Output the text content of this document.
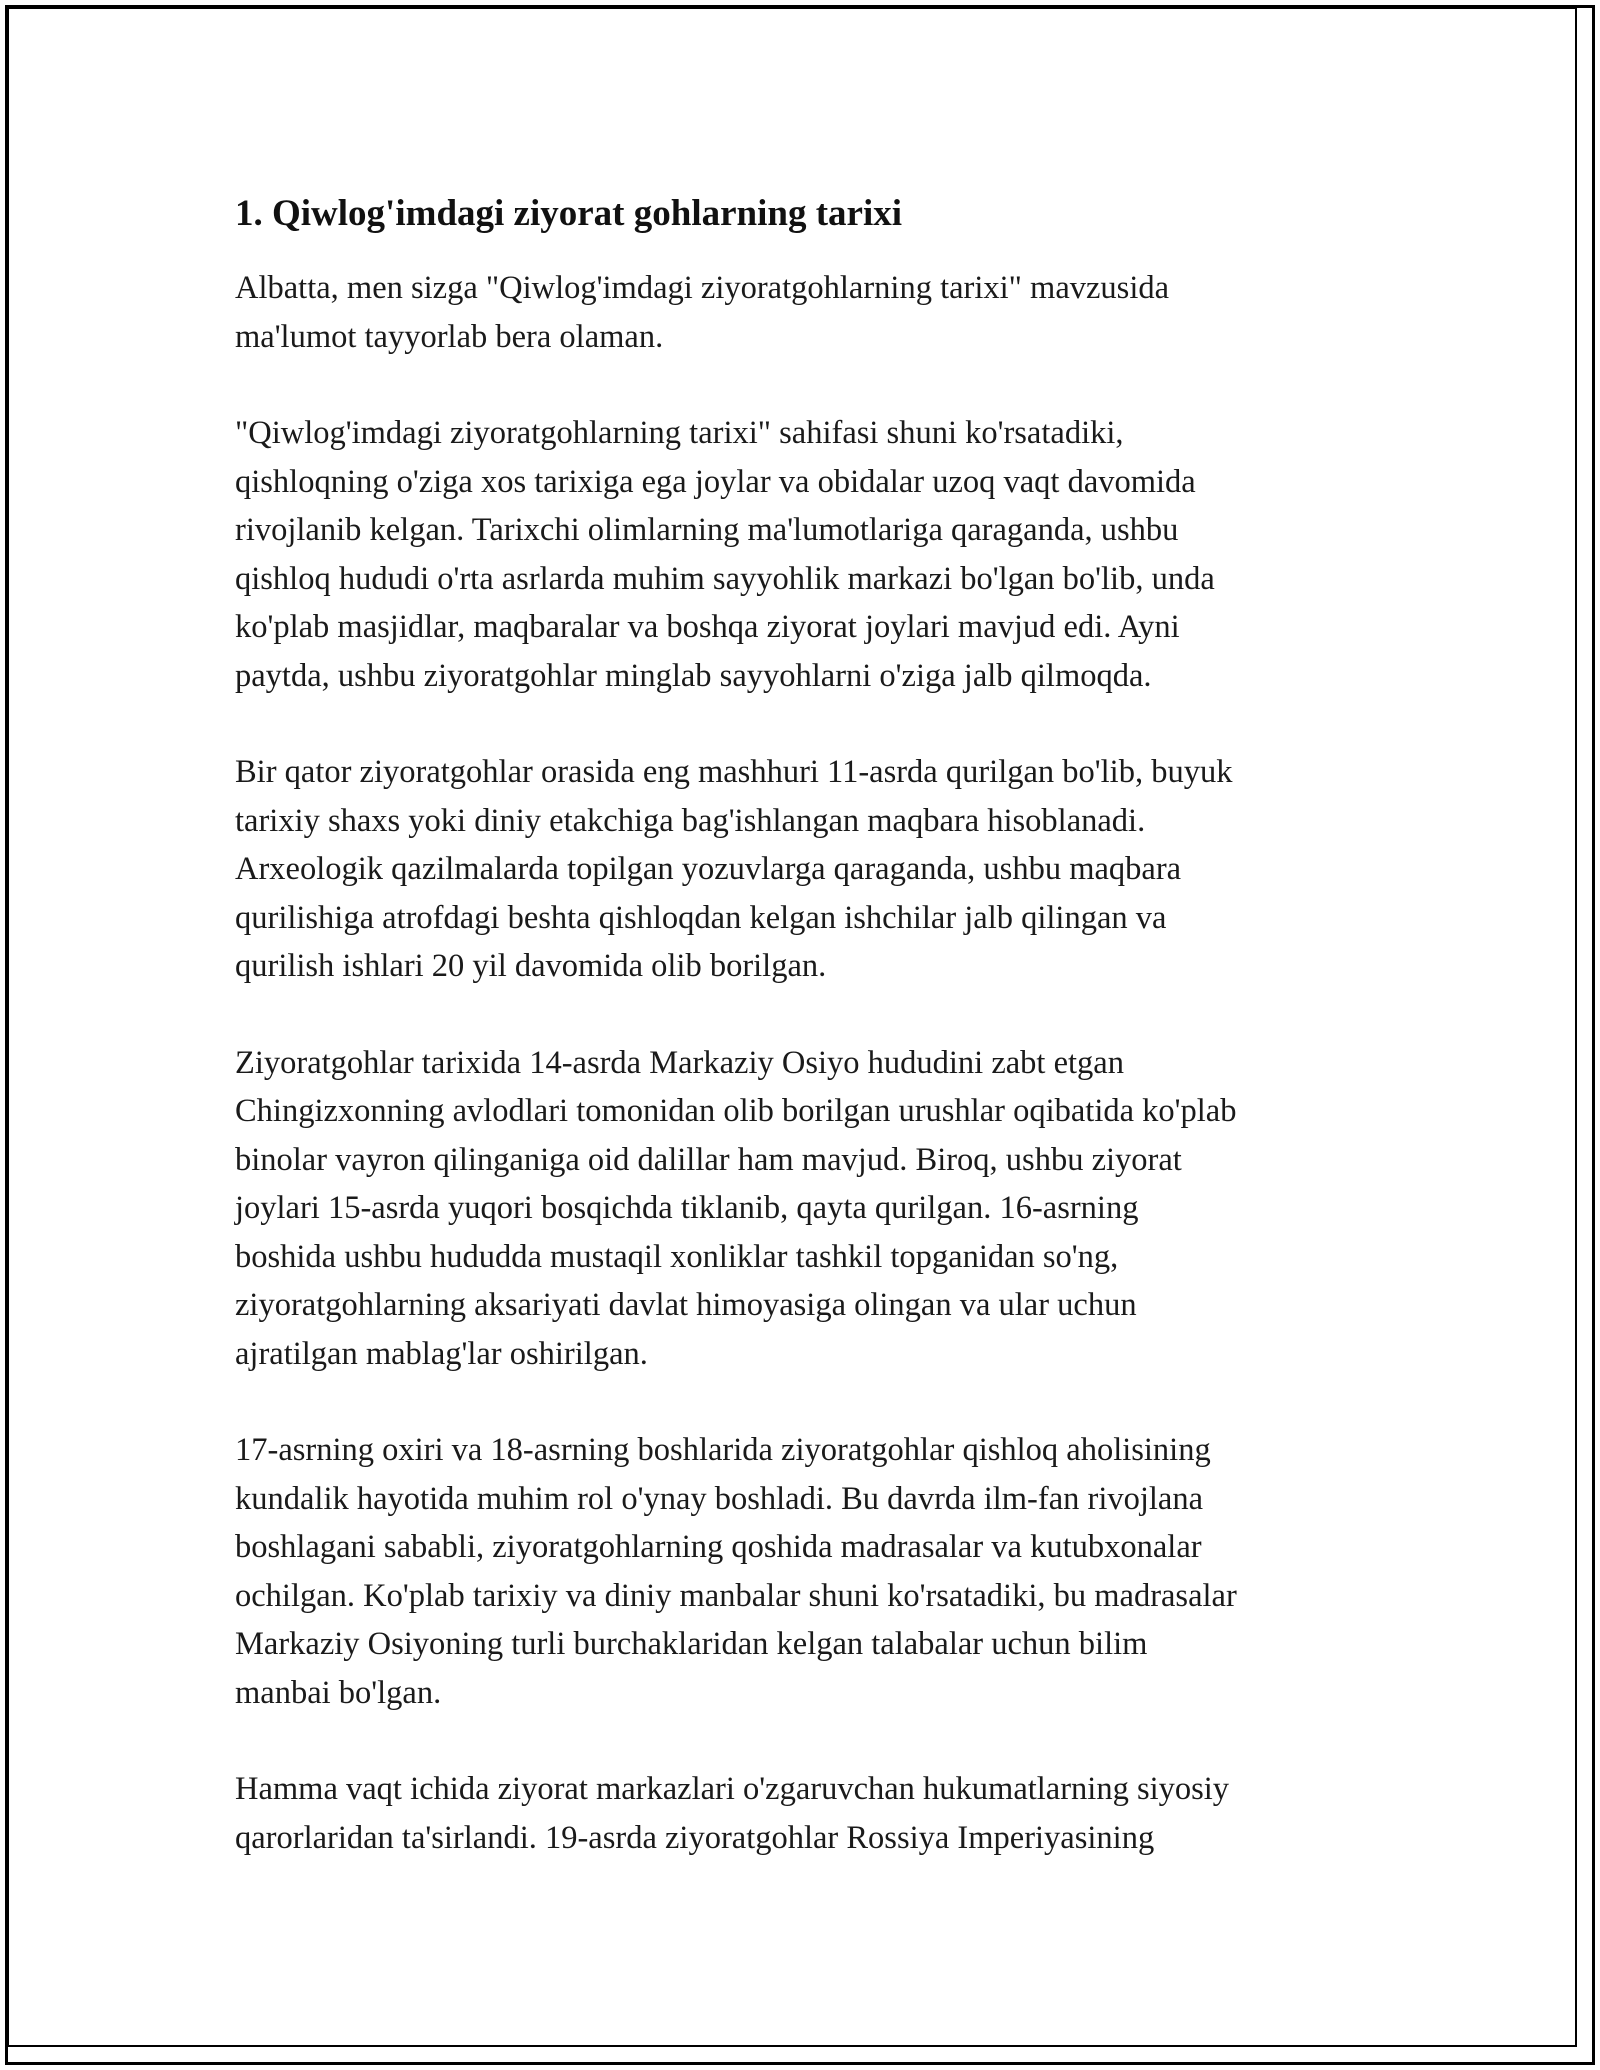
1. Qiwlog'imdagi ziyorat gohlarning tarixi

Albatta, men sizga "Qiwlog'imdagi ziyoratgohlarning tarixi" mavzusida
ma'lumot tayyorlab bera olaman.

"Qiwlog'imdagi ziyoratgohlarning tarixi" sahifasi shuni ko'rsatadiki,
qishloqning o'ziga xos tarixiga ega joylar va obidalar uzoq vaqt davomida
rivojlanib kelgan. Tarixchi olimlarning ma'lumotlariga qaraganda, ushbu
qishloq hududi o'rta asrlarda muhim sayyohlik markazi bo'lgan bo'lib, unda
ko'plab masjidlar, maqbaralar va boshqa ziyorat joylari mavjud edi. Ayni
paytda, ushbu ziyoratgohlar minglab sayyohlarni o'ziga jalb qilmoqda.

Bir qator ziyoratgohlar orasida eng mashhuri 11-asrda qurilgan bo'lib, buyuk
tarixiy shaxs yoki diniy etakchiga bag'ishlangan maqbara hisoblanadi.
Arxeologik qazilmalarda topilgan yozuvlarga qaraganda, ushbu maqbara
qurilishiga atrofdagi beshta qishloqdan kelgan ishchilar jalb qilingan va
qurilish ishlari 20 yil davomida olib borilgan.

Ziyoratgohlar tarixida 14-asrda Markaziy Osiyo hududini zabt etgan
Chingizxonning avlodlari tomonidan olib borilgan urushlar oqibatida ko'plab
binolar vayron qilinganiga oid dalillar ham mavjud. Biroq, ushbu ziyorat
joylari 15-asrda yuqori bosqichda tiklanib, qayta qurilgan. 16-asrning
boshida ushbu hududda mustaqil xonliklar tashkil topganidan so'ng,
ziyoratgohlarning aksariyati davlat himoyasiga olingan va ular uchun
ajratilgan mablag'lar oshirilgan.

17-asrning oxiri va 18-asrning boshlarida ziyoratgohlar qishloq aholisining
kundalik hayotida muhim rol o'ynay boshladi. Bu davrda ilm-fan rivojlana
boshlagani sababli, ziyoratgohlarning qoshida madrasalar va kutubxonalar
ochilgan. Ko'plab tarixiy va diniy manbalar shuni ko'rsatadiki, bu madrasalar
Markaziy Osiyoning turli burchaklaridan kelgan talabalar uchun bilim
manbai bo'lgan.

Hamma vaqt ichida ziyorat markazlari o'zgaruvchan hukumatlarning siyosiy
qarorlaridan ta'sirlandi. 19-asrda ziyoratgohlar Rossiya Imperiyasining
